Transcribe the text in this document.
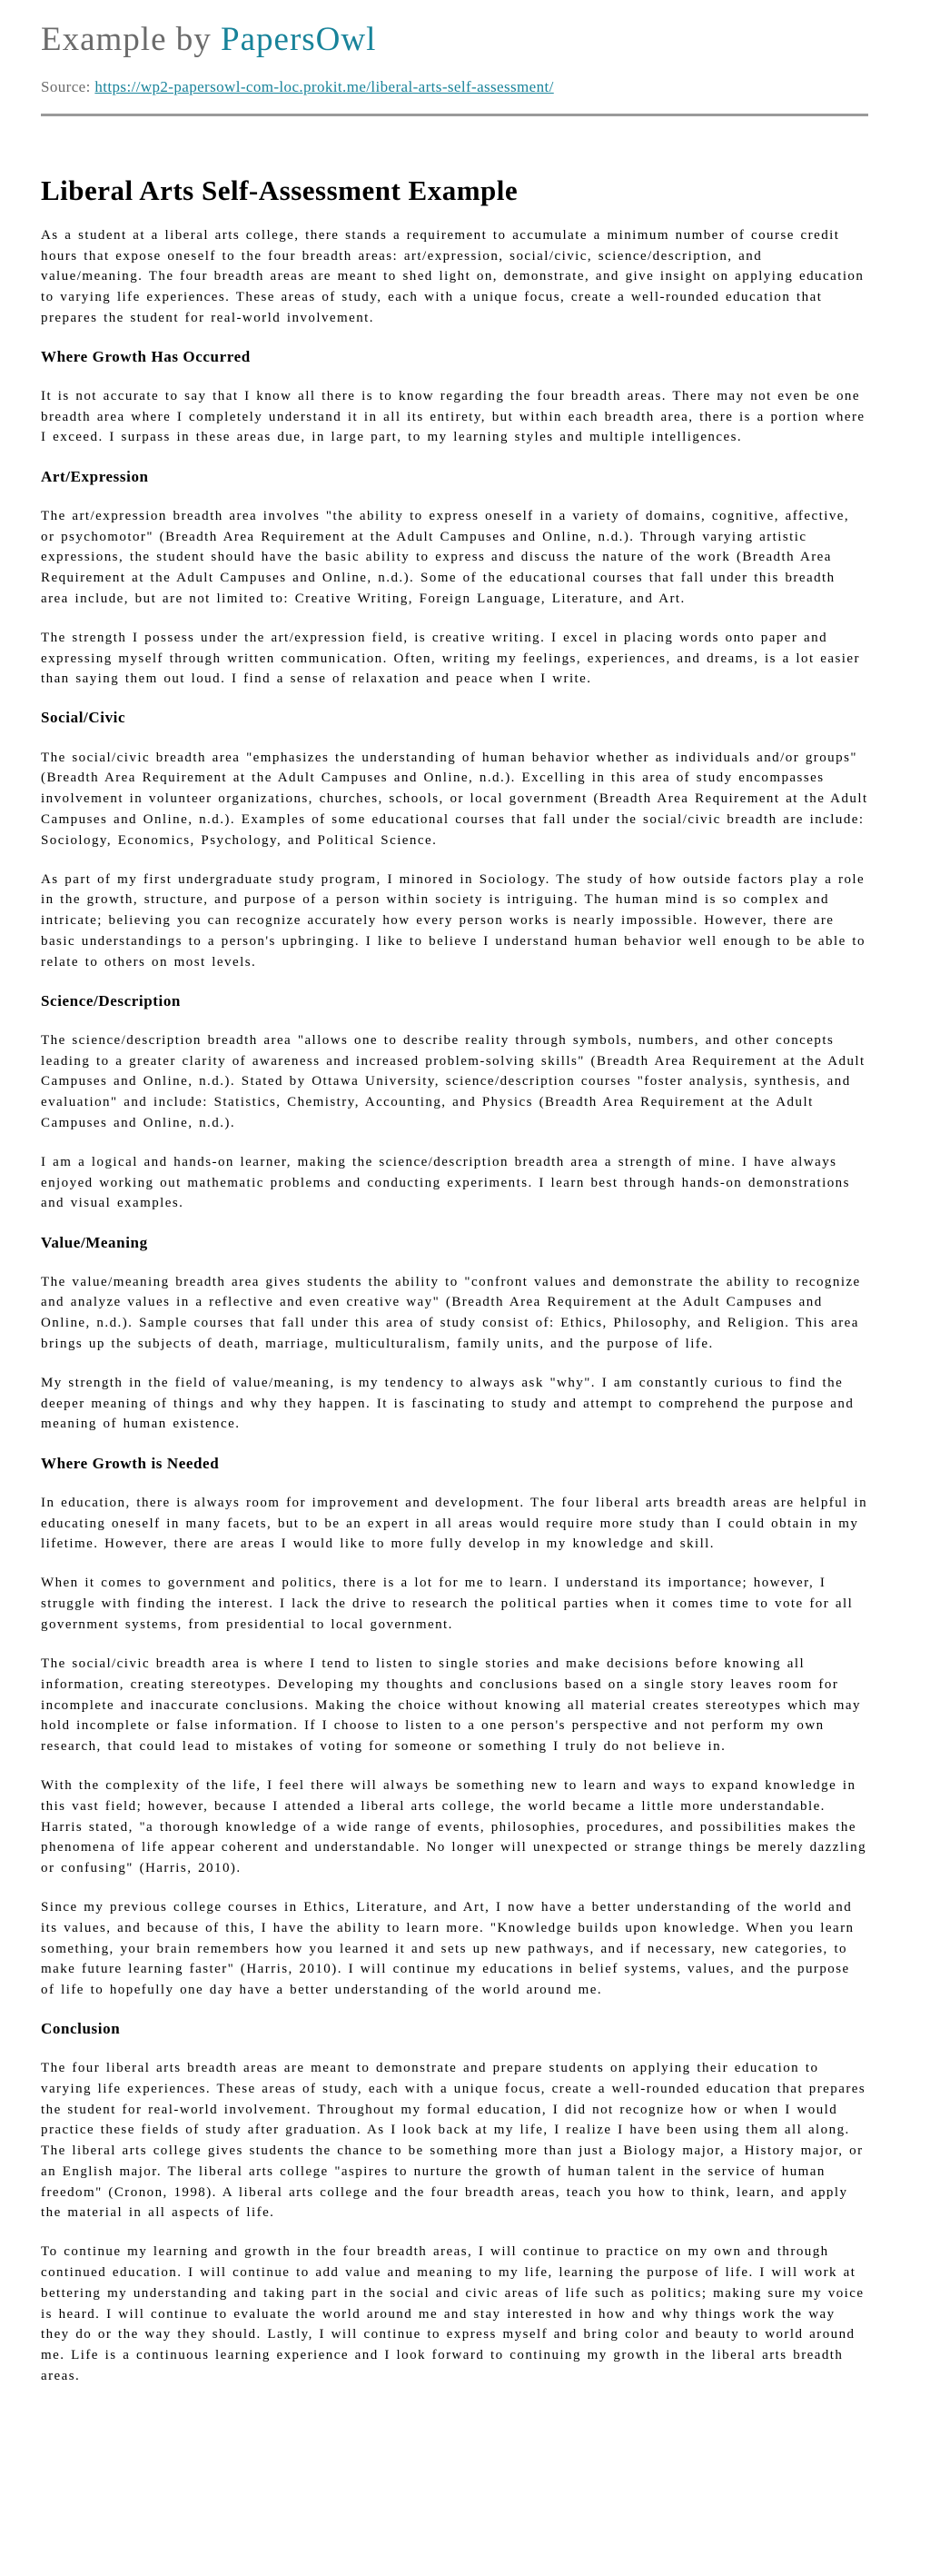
Example by PapersOwl
Source: https://wp2-papersowl-com-loc.prokit.me/liberal-arts-self-assessment/
Liberal Arts Self-Assessment Example

As a student at a liberal arts college, there stands a requirement to accumulate a minimum number of course credit hours that expose oneself to the four breadth areas: art/expression, social/civic, science/description, and value/meaning. The four breadth areas are meant to shed light on, demonstrate, and give insight on applying education to varying life experiences. These areas of study, each with a unique focus, create a well-rounded education that prepares the student for real-world involvement.

Where Growth Has Occurred

It is not accurate to say that I know all there is to know regarding the four breadth areas. There may not even be one breadth area where I completely understand it in all its entirety, but within each breadth area, there is a portion where I exceed. I surpass in these areas due, in large part, to my learning styles and multiple intelligences.

Art/Expression

The art/expression breadth area involves "the ability to express oneself in a variety of domains, cognitive, affective, or psychomotor" (Breadth Area Requirement at the Adult Campuses and Online, n.d.). Through varying artistic expressions, the student should have the basic ability to express and discuss the nature of the work (Breadth Area Requirement at the Adult Campuses and Online, n.d.). Some of the educational courses that fall under this breadth area include, but are not limited to: Creative Writing, Foreign Language, Literature, and Art.

The strength I possess under the art/expression field, is creative writing. I excel in placing words onto paper and expressing myself through written communication. Often, writing my feelings, experiences, and dreams, is a lot easier than saying them out loud. I find a sense of relaxation and peace when I write.

Social/Civic

The social/civic breadth area "emphasizes the understanding of human behavior whether as individuals and/or groups" (Breadth Area Requirement at the Adult Campuses and Online, n.d.). Excelling in this area of study encompasses involvement in volunteer organizations, churches, schools, or local government (Breadth Area Requirement at the Adult Campuses and Online, n.d.). Examples of some educational courses that fall under the social/civic breadth are include: Sociology, Economics, Psychology, and Political Science.

As part of my first undergraduate study program, I minored in Sociology. The study of how outside factors play a role in the growth, structure, and purpose of a person within society is intriguing. The human mind is so complex and intricate; believing you can recognize accurately how every person works is nearly impossible. However, there are basic understandings to a person's upbringing. I like to believe I understand human behavior well enough to be able to relate to others on most levels.

Science/Description

The science/description breadth area "allows one to describe reality through symbols, numbers, and other concepts leading to a greater clarity of awareness and increased problem-solving skills" (Breadth Area Requirement at the Adult Campuses and Online, n.d.). Stated by Ottawa University, science/description courses "foster analysis, synthesis, and evaluation" and include: Statistics, Chemistry, Accounting, and Physics (Breadth Area Requirement at the Adult Campuses and Online, n.d.).

I am a logical and hands-on learner, making the science/description breadth area a strength of mine. I have always enjoyed working out mathematic problems and conducting experiments. I learn best through hands-on demonstrations and visual examples.

Value/Meaning

The value/meaning breadth area gives students the ability to "confront values and demonstrate the ability to recognize and analyze values in a reflective and even creative way" (Breadth Area Requirement at the Adult Campuses and Online, n.d.). Sample courses that fall under this area of study consist of: Ethics, Philosophy, and Religion. This area brings up the subjects of death, marriage, multiculturalism, family units, and the purpose of life.

My strength in the field of value/meaning, is my tendency to always ask "why". I am constantly curious to find the deeper meaning of things and why they happen. It is fascinating to study and attempt to comprehend the purpose and meaning of human existence.

Where Growth is Needed

In education, there is always room for improvement and development. The four liberal arts breadth areas are helpful in educating oneself in many facets, but to be an expert in all areas would require more study than I could obtain in my lifetime. However, there are areas I would like to more fully develop in my knowledge and skill.

When it comes to government and politics, there is a lot for me to learn. I understand its importance; however, I struggle with finding the interest. I lack the drive to research the political parties when it comes time to vote for all government systems, from presidential to local government.

The social/civic breadth area is where I tend to listen to single stories and make decisions before knowing all information, creating stereotypes. Developing my thoughts and conclusions based on a single story leaves room for incomplete and inaccurate conclusions. Making the choice without knowing all material creates stereotypes which may hold incomplete or false information. If I choose to listen to a one person's perspective and not perform my own research, that could lead to mistakes of voting for someone or something I truly do not believe in.

With the complexity of the life, I feel there will always be something new to learn and ways to expand knowledge in this vast field; however, because I attended a liberal arts college, the world became a little more understandable. Harris stated, "a thorough knowledge of a wide range of events, philosophies, procedures, and possibilities makes the phenomena of life appear coherent and understandable. No longer will unexpected or strange things be merely dazzling or confusing" (Harris, 2010).

Since my previous college courses in Ethics, Literature, and Art, I now have a better understanding of the world and its values, and because of this, I have the ability to learn more. "Knowledge builds upon knowledge. When you learn something, your brain remembers how you learned it and sets up new pathways, and if necessary, new categories, to make future learning faster" (Harris, 2010). I will continue my educations in belief systems, values, and the purpose of life to hopefully one day have a better understanding of the world around me.

Conclusion

The four liberal arts breadth areas are meant to demonstrate and prepare students on applying their education to varying life experiences. These areas of study, each with a unique focus, create a well-rounded education that prepares the student for real-world involvement. Throughout my formal education, I did not recognize how or when I would practice these fields of study after graduation. As I look back at my life, I realize I have been using them all along. The liberal arts college gives students the chance to be something more than just a Biology major, a History major, or an English major. The liberal arts college "aspires to nurture the growth of human talent in the service of human freedom" (Cronon, 1998). A liberal arts college and the four breadth areas, teach you how to think, learn, and apply the material in all aspects of life.

To continue my learning and growth in the four breadth areas, I will continue to practice on my own and through continued education. I will continue to add value and meaning to my life, learning the purpose of life. I will work at bettering my understanding and taking part in the social and civic areas of life such as politics; making sure my voice is heard. I will continue to evaluate the world around me and stay interested in how and why things work the way they do or the way they should. Lastly, I will continue to express myself and bring color and beauty to world around me. Life is a continuous learning experience and I look forward to continuing my growth in the liberal arts breadth areas.
